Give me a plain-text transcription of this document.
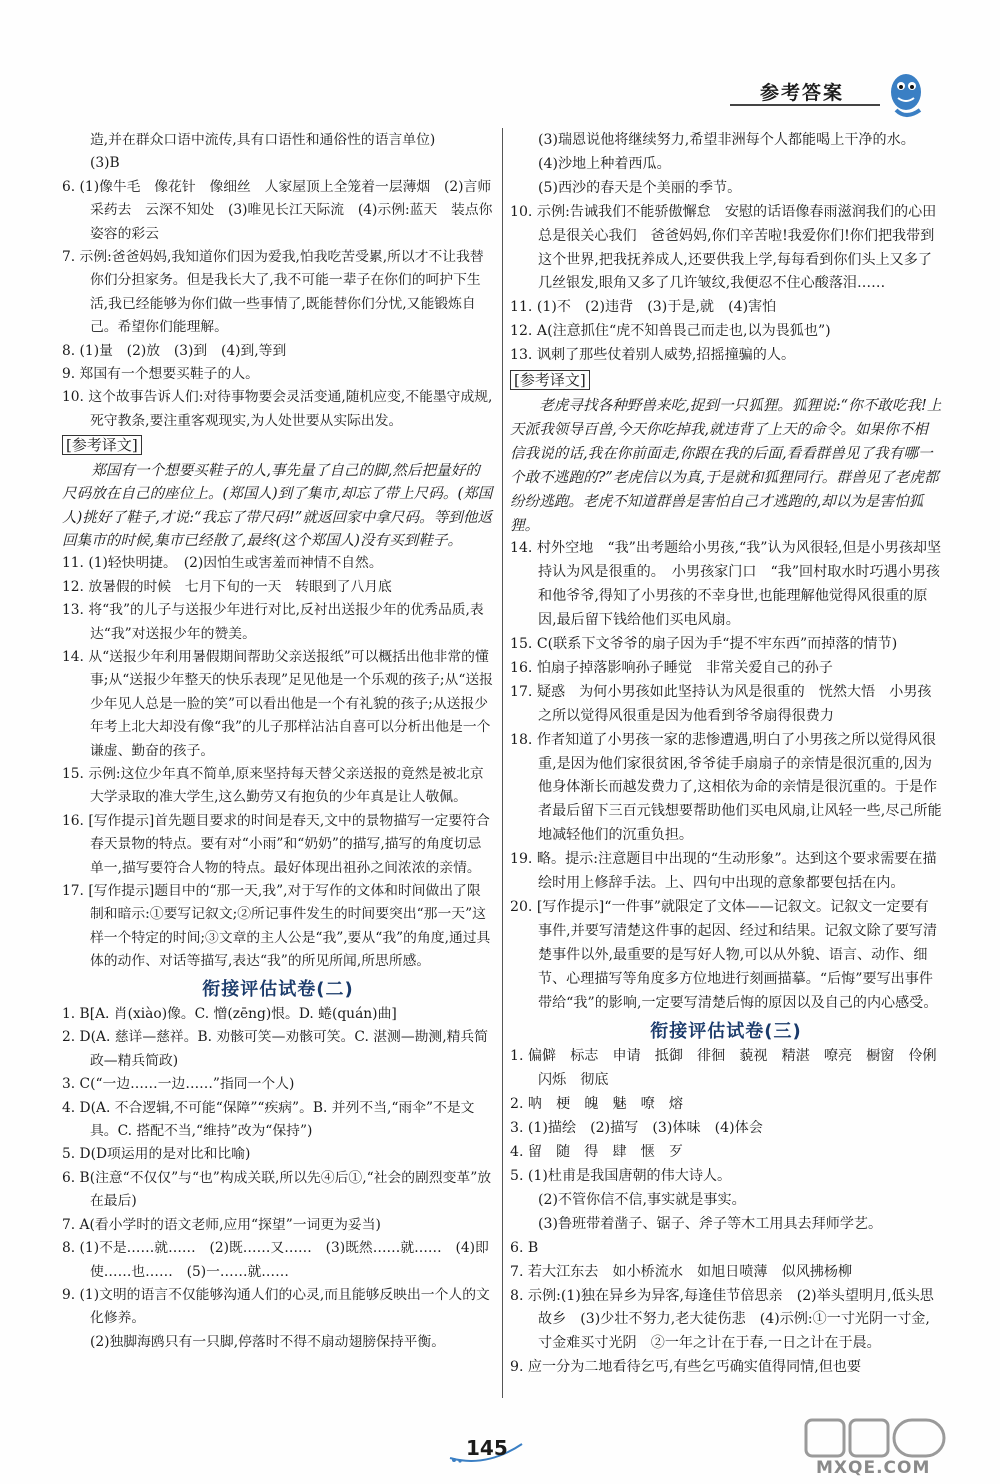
参考答案

造,并在群众口语中流传,具有口语性和通俗性的语言单位)

(3)B

6. (1)像牛毛　像花针　像细丝　人家屋顶上全笼着一层薄烟　(2)言师采药去　云深不知处　(3)唯见长江天际流　(4)示例:蓝天　装点你姿容的彩云

7. 示例:爸爸妈妈,我知道你们因为爱我,怕我吃苦受累,所以才不让我替你们分担家务。但是我长大了,我不可能一辈子在你们的呵护下生活,我已经能够为你们做一些事情了,既能替你们分忧,又能锻炼自己。希望你们能理解。

8. (1)量　(2)放　(3)到　(4)到,等到

9. 郑国有一个想要买鞋子的人。

10. 这个故事告诉人们:对待事物要会灵活变通,随机应变,不能墨守成规,死守教条,要注重客观现实,为人处世要从实际出发。

[参考译文]

郑国有一个想要买鞋子的人,事先量了自己的脚,然后把量好的尺码放在自己的座位上。(郑国人)到了集市,却忘了带上尺码。(郑国人)挑好了鞋子,才说:“我忘了带尺码!”就返回家中拿尺码。等到他返回集市的时候,集市已经散了,最终(这个郑国人)没有买到鞋子。

11. (1)轻快明捷。　(2)因怕生或害羞而神情不自然。

12. 放暑假的时候　七月下旬的一天　转眼到了八月底

13. 将“我”的儿子与送报少年进行对比,反衬出送报少年的优秀品质,表达“我”对送报少年的赞美。

14. 从“送报少年利用暑假期间帮助父亲送报纸”可以概括出他非常的懂事;从“送报少年整天的快乐表现”足见他是一个乐观的孩子;从“送报少年见人总是一脸的笑”可以看出他是一个有礼貌的孩子;从送报少年考上北大却没有像“我”的儿子那样沾沾自喜可以分析出他是一个谦虚、勤奋的孩子。

15. 示例:这位少年真不简单,原来坚持每天替父亲送报的竟然是被北京大学录取的准大学生,这么勤劳又有抱负的少年真是让人敬佩。

16. [写作提示]首先题目要求的时间是春天,文中的景物描写一定要符合春天景物的特点。要有对“小雨”和“奶奶”的描写,描写的角度切忌单一,描写要符合人物的特点。最好体现出祖孙之间浓浓的亲情。

17. [写作提示]题目中的“那一天,我”,对于写作的文体和时间做出了限制和暗示:①要写记叙文;②所记事件发生的时间要突出“那一天”这样一个特定的时间;③文章的主人公是“我”,要从“我”的角度,通过具体的动作、对话等描写,表达“我”的所见所闻,所思所感。

衔接评估试卷(二)

1. B[A. 肖(xiào)像。C. 憎(zēng)恨。D. 蜷(quán)曲]

2. D(A. 慈详—慈祥。B. 劝骸可笑—劝骸可笑。C. 湛测—勘测,精兵简政—精兵简政)

3. C(“一边……一边……”指同一个人)

4. D(A. 不合逻辑,不可能“保障”“疾病”。B. 并列不当,“雨伞”不是文具。C. 搭配不当,“维持”改为“保持”)

5. D(D项运用的是对比和比喻)

6. B(注意“不仅仅”与“也”构成关联,所以先④后①,“社会的剧烈变革”放在最后)

7. A(看小学时的语文老师,应用“探望”一词更为妥当)

8. (1)不是……就……　(2)既……又……　(3)既然……就……　(4)即使……也……　(5)一……就……

9. (1)文明的语言不仅能够沟通人们的心灵,而且能够反映出一个人的文化修养。

(2)独脚海鸥只有一只脚,停落时不得不扇动翅膀保持平衡。

(3)瑞恩说他将继续努力,希望非洲每个人都能喝上干净的水。

(4)沙地上种着西瓜。

(5)西沙的春天是个美丽的季节。

10. 示例:告诫我们不能骄傲懈怠　安慰的话语像春雨滋润我们的心田　总是很关心我们　爸爸妈妈,你们辛苦啦!我爱你们!你们把我带到这个世界,把我抚养成人,还要供我上学,每每看到你们头上又多了几丝银发,眼角又多了几许皱纹,我便忍不住心酸落泪……

11. (1)不　(2)违背　(3)于是,就　(4)害怕

12. A(注意抓住“虎不知兽畏己而走也,以为畏狐也”)

13. 讽刺了那些仗着别人威势,招摇撞骗的人。

[参考译文]

老虎寻找各种野兽来吃,捉到一只狐狸。狐狸说:“你不敢吃我!上天派我领导百兽,今天你吃掉我,就违背了上天的命令。如果你不相信我说的话,我在你前面走,你跟在我的后面,看看群兽见了我有哪一个敢不逃跑的?”老虎信以为真,于是就和狐狸同行。群兽见了老虎都纷纷逃跑。老虎不知道群兽是害怕自己才逃跑的,却以为是害怕狐狸。

14. 村外空地　“我”出考题给小男孩,“我”认为风很轻,但是小男孩却坚持认为风是很重的。　小男孩家门口　“我”回村取水时巧遇小男孩和他爷爷,得知了小男孩的不幸身世,也能理解他觉得风很重的原因,最后留下钱给他们买电风扇。

15. C(联系下文爷爷的扇子因为手“提不牢东西”而掉落的情节)

16. 怕扇子掉落影响孙子睡觉　非常关爱自己的孙子

17. 疑惑　为何小男孩如此坚持认为风是很重的　恍然大悟　小男孩之所以觉得风很重是因为他看到爷爷扇得很费力

18. 作者知道了小男孩一家的悲惨遭遇,明白了小男孩之所以觉得风很重,是因为他们家很贫困,爷爷徒手扇扇子的亲情是很沉重的,因为他身体渐长而越发费力了,这相依为命的亲情是很沉重的。于是作者最后留下三百元钱想要帮助他们买电风扇,让风轻一些,尽己所能地减轻他们的沉重负担。

19. 略。提示:注意题目中出现的“生动形象”。达到这个要求需要在描绘时用上修辞手法。上、四句中出现的意象都要包括在内。

20. [写作提示]“一件事”就限定了文体——记叙文。记叙文一定要有事件,并要写清楚这件事的起因、经过和结果。记叙文除了要写清楚事件以外,最重要的是写好人物,可以从外貌、语言、动作、细节、心理描写等角度多方位地进行刻画描摹。“后悔”要写出事件带给“我”的影响,一定要写清楚后悔的原因以及自己的内心感受。

衔接评估试卷(三)

1. 偏僻　标志　申请　抵御　徘徊　藐视　精湛　嘹亮　橱窗　伶俐　闪烁　彻底

2. 呐　梗　魄　魅　嘹　熔

3. (1)描绘　(2)描写　(3)体味　(4)体会

4. 留　随　得　肆　惬　歹

5. (1)杜甫是我国唐朝的伟大诗人。

(2)不管你信不信,事实就是事实。

(3)鲁班带着凿子、锯子、斧子等木工用具去拜师学艺。

6. B

7. 若大江东去　如小桥流水　如旭日喷薄　似风拂杨柳

8. 示例:(1)独在异乡为异客,每逢佳节倍思亲　(2)举头望明月,低头思故乡　(3)少壮不努力,老大徒伤悲　(4)示例:①一寸光阴一寸金,寸金难买寸光阴　②一年之计在于春,一日之计在于晨。

9. 应一分为二地看待乞丐,有些乞丐确实值得同情,但也要

145
MXQE.COM
